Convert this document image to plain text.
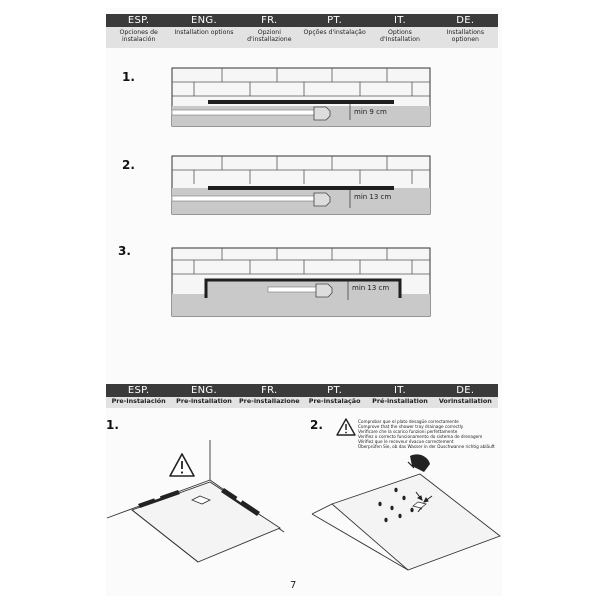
ESP.
Opciones de instalación
ENG.
Installation options
FR.
Opzioni d'installazione
PT.
Opções d'instalação
IT.
Options d'Installation
DE.
Installations optionen
1.
min 9 cm
2.
min 13 cm
3.
min 13 cm
ESP.
Pre-instalación
ENG.
Pre-installation
FR.
Pre-installazione
PT.
Pre-instalação
IT.
Pré-installation
DE.
Vorinstallation
1.	2.	Comprobar que el plato desagüe correctamente
Comprove that the shower tray drainage correctly
Verificare che la scarico funzioni perfettamente
Verifiez o correcto funcionamento do sistema de drenagem
Vérifiez que le receveur évacue correctement
Überprüfen Sie, ob das Wasser in der Duschwanne richtig abläuft
7
